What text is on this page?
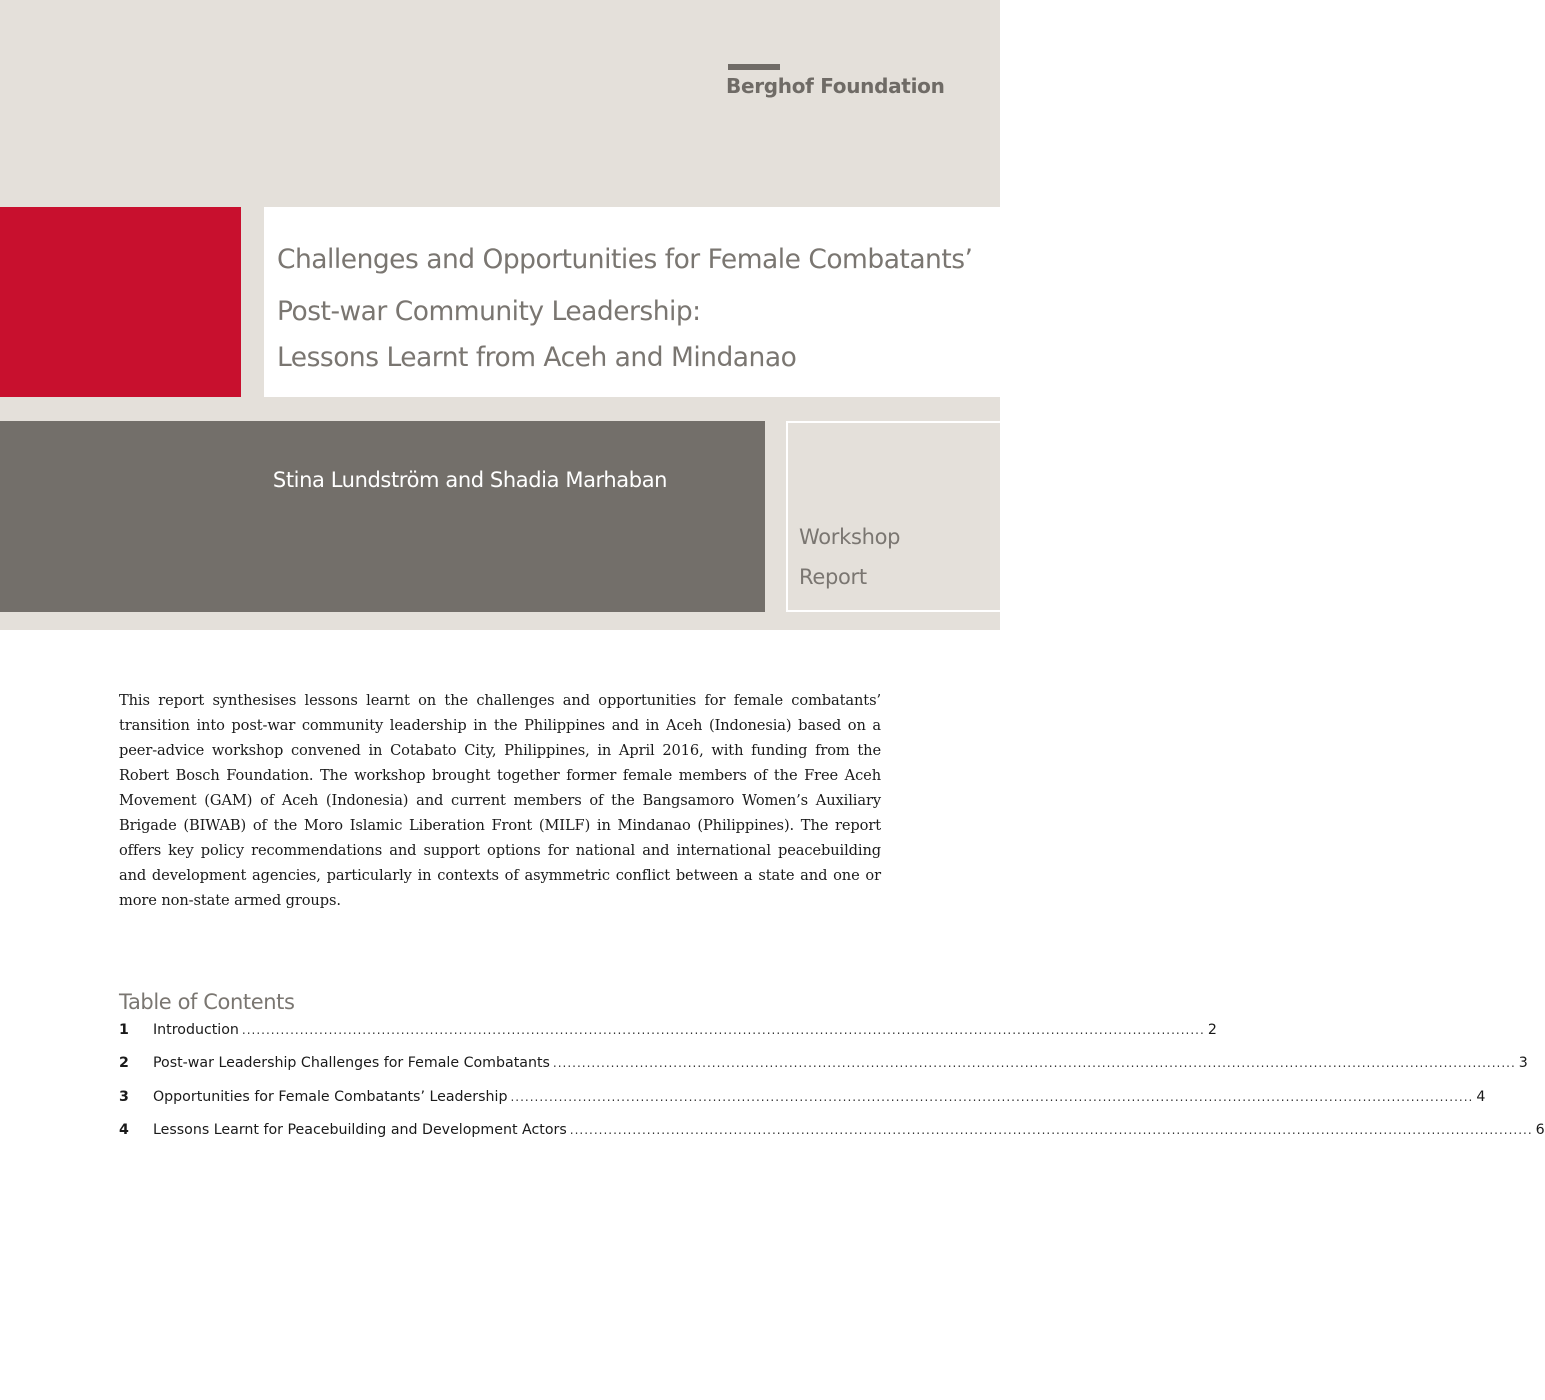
Berghof Foundation
Challenges and Opportunities for Female Combatants’
Post-war Community Leadership:
Lessons Learnt from Aceh and Mindanao
Stina Lundström and Shadia Marhaban
Workshop
Report

This report synthesises lessons learnt on the challenges and opportunities for female combatants’ transition into post-war community leadership in the Philippines and in Aceh (Indonesia) based on a peer-advice workshop convened in Cotabato City, Philippines, in April 2016, with funding from the Robert Bosch Foundation. The workshop brought together former female members of the Free Aceh Movement (GAM) of Aceh (Indonesia) and current members of the Bangsamoro Women’s Auxiliary Brigade (BIWAB) of the Moro Islamic Liberation Front (MILF) in Mindanao (Philippines). The report offers key policy recommendations and support options for national and international peacebuilding and development agencies, particularly in contexts of asymmetric conflict between a state and one or more non-state armed groups.

Table of Contents
1	Introduction ........................................................................................................................................................................................................ 2
2	Post-war Leadership Challenges for Female Combatants ........................................................................................................................................................................................................ 3
3	Opportunities for Female Combatants’ Leadership ........................................................................................................................................................................................................ 4
4	Lessons Learnt for Peacebuilding and Development Actors ........................................................................................................................................................................................................ 6
